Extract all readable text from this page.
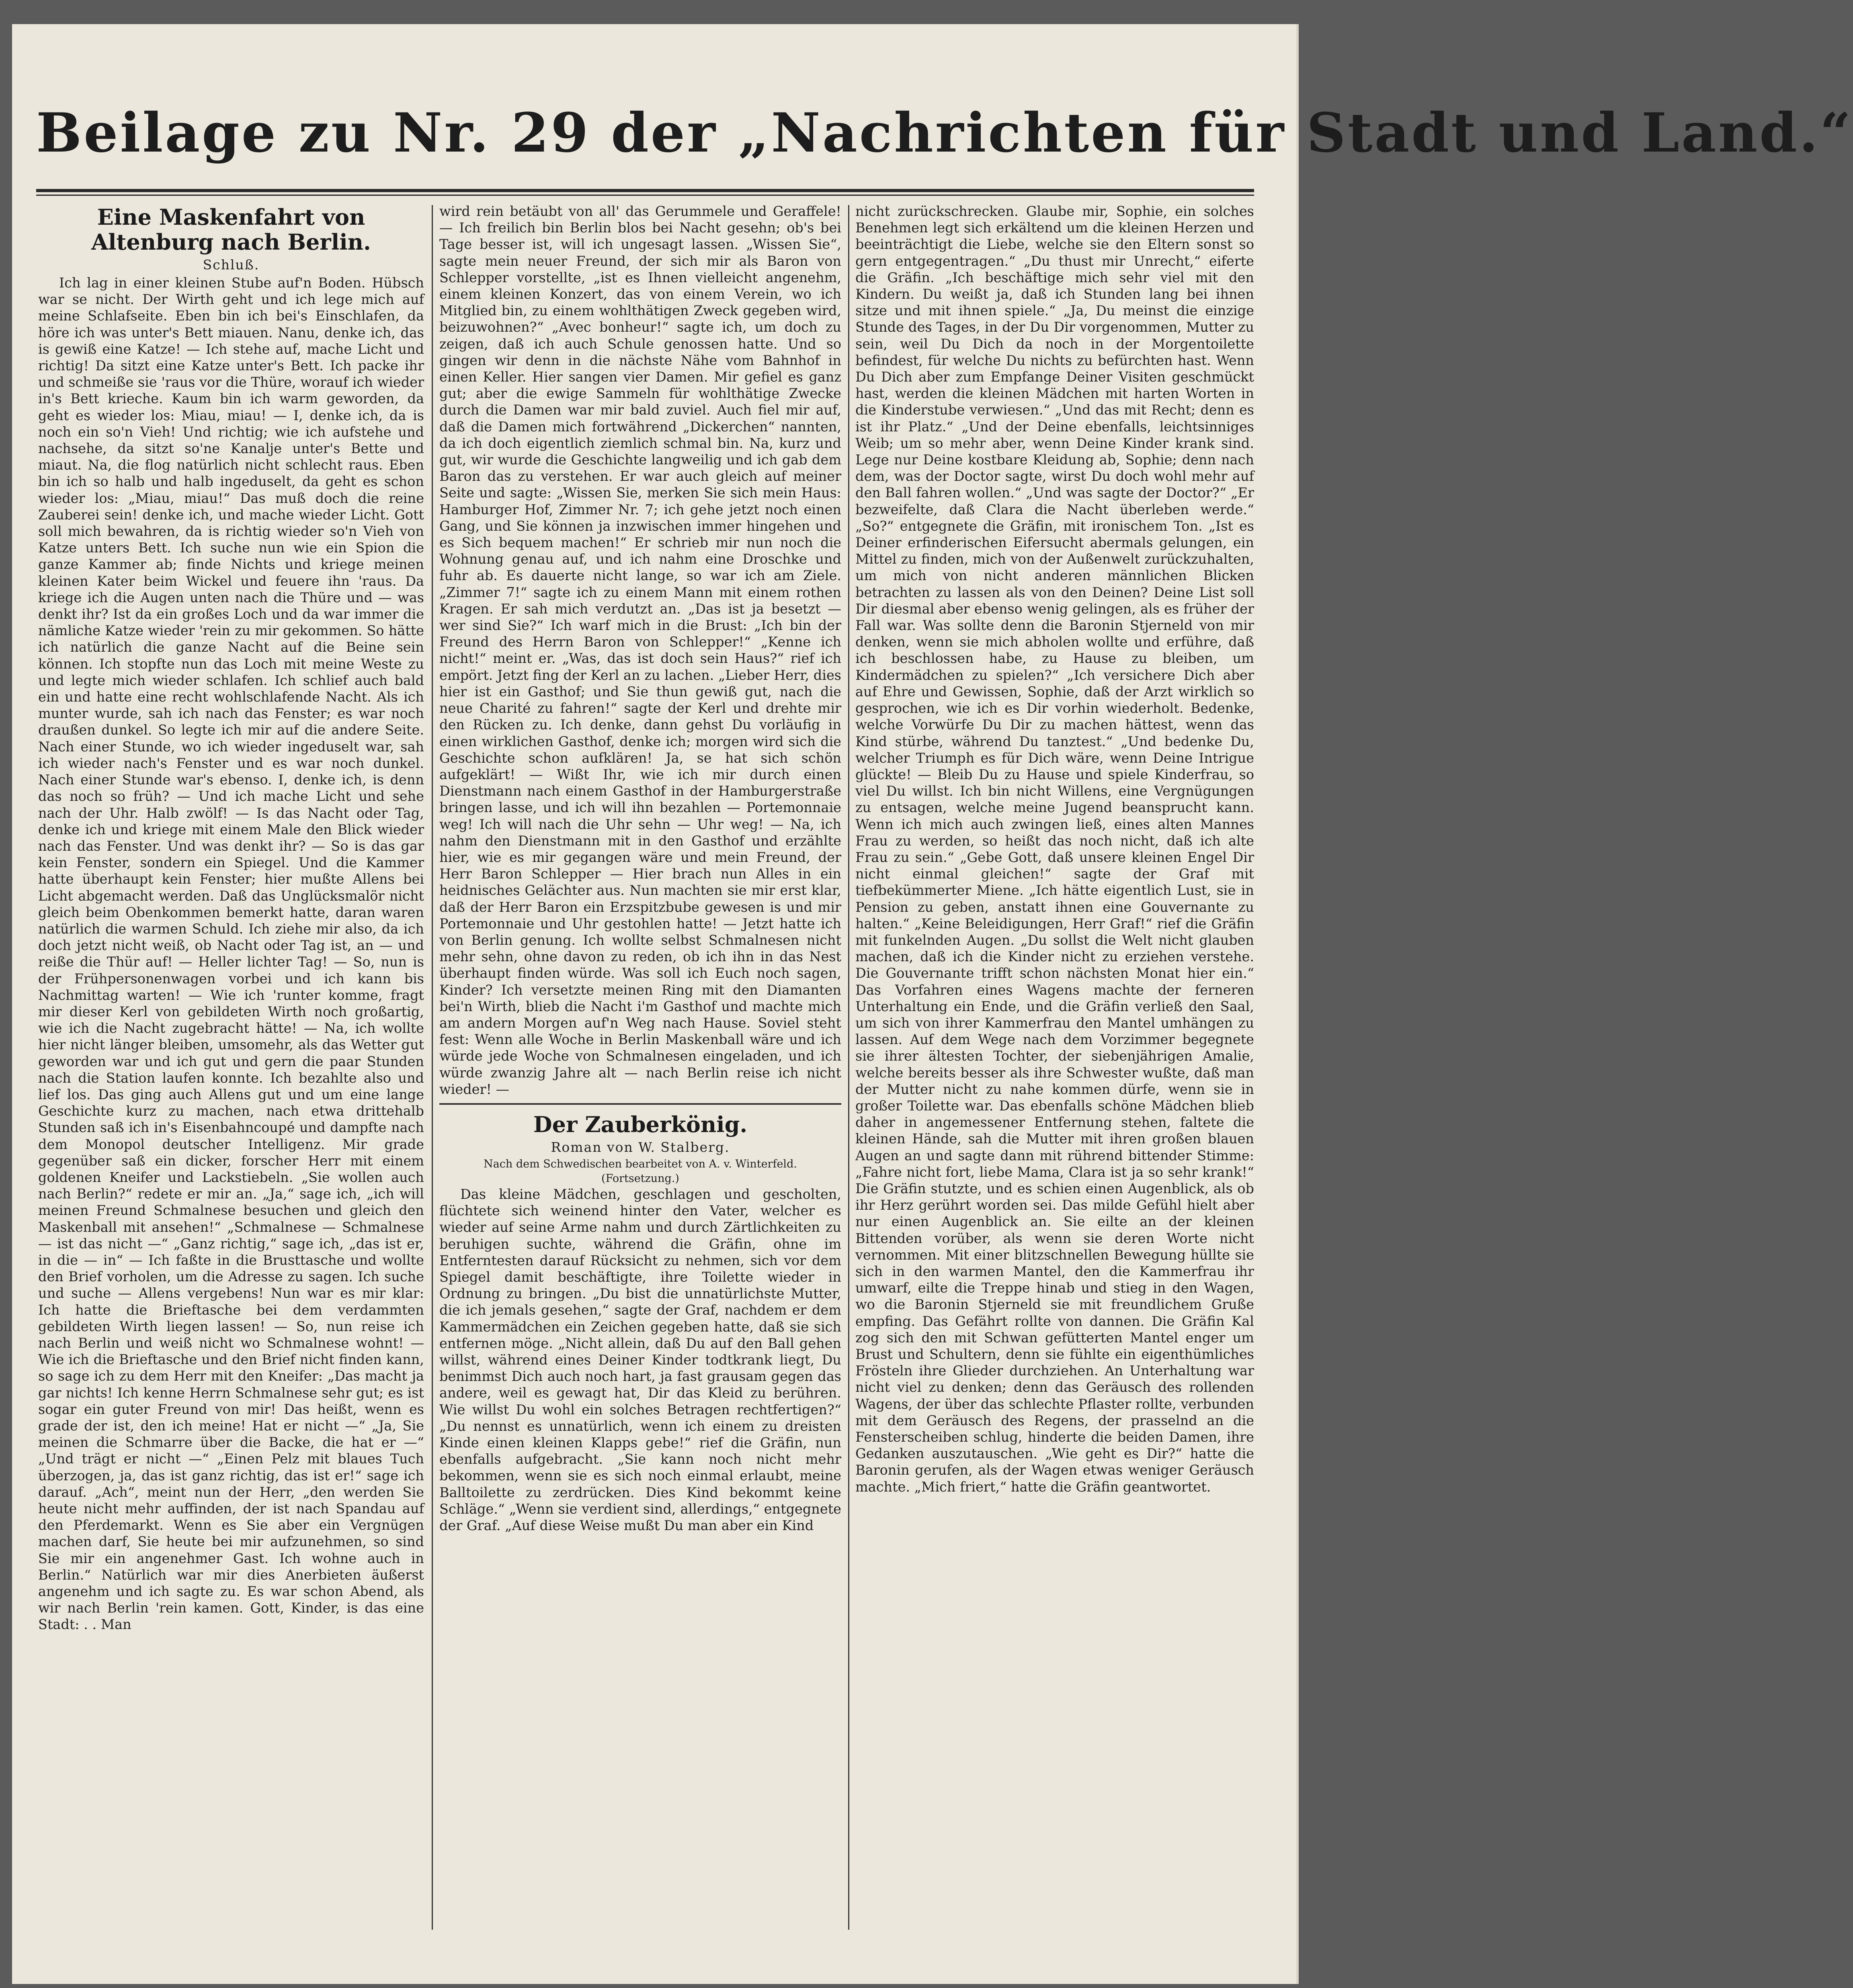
Beilage zu Nr. 29 der „Nachrichten für Stadt und Land.“
Eine Maskenfahrt von Altenburg nach Berlin.
Schluß.

Ich lag in einer kleinen Stube auf'n Boden. Hübsch war se nicht. Der Wirth geht und ich lege mich auf meine Schlafseite. Eben bin ich bei's Einschlafen, da höre ich was unter's Bett miauen. Nanu, denke ich, das is gewiß eine Katze! — Ich stehe auf, mache Licht und richtig! Da sitzt eine Katze unter's Bett. Ich packe ihr und schmeiße sie 'raus vor die Thüre, worauf ich wieder in's Bett krieche. Kaum bin ich warm geworden, da geht es wieder los: Miau, miau! — I, denke ich, da is noch ein so'n Vieh! Und richtig; wie ich aufstehe und nachsehe, da sitzt so'ne Kanalje unter's Bette und miaut. Na, die flog natürlich nicht schlecht raus. Eben bin ich so halb und halb ingeduselt, da geht es schon wieder los: „Miau, miau!“ Das muß doch die reine Zauberei sein! denke ich, und mache wieder Licht. Gott soll mich bewahren, da is richtig wieder so'n Vieh von Katze unters Bett. Ich suche nun wie ein Spion die ganze Kammer ab; finde Nichts und kriege meinen kleinen Kater beim Wickel und feuere ihn 'raus. Da kriege ich die Augen unten nach die Thüre und — was denkt ihr? Ist da ein großes Loch und da war immer die nämliche Katze wieder 'rein zu mir gekommen. So hätte ich natürlich die ganze Nacht auf die Beine sein können. Ich stopfte nun das Loch mit meine Weste zu und legte mich wieder schlafen. Ich schlief auch bald ein und hatte eine recht wohlschlafende Nacht. Als ich munter wurde, sah ich nach das Fenster; es war noch draußen dunkel. So legte ich mir auf die andere Seite. Nach einer Stunde, wo ich wieder ingeduselt war, sah ich wieder nach's Fenster und es war noch dunkel. Nach einer Stunde war's ebenso. I, denke ich, is denn das noch so früh? — Und ich mache Licht und sehe nach der Uhr. Halb zwölf! — Is das Nacht oder Tag, denke ich und kriege mit einem Male den Blick wieder nach das Fenster. Und was denkt ihr? — So is das gar kein Fenster, sondern ein Spiegel. Und die Kammer hatte überhaupt kein Fenster; hier mußte Allens bei Licht abgemacht werden. Daß das Unglücksmalör nicht gleich beim Obenkommen bemerkt hatte, daran waren natürlich die warmen Schuld. Ich ziehe mir also, da ich doch jetzt nicht weiß, ob Nacht oder Tag ist, an — und reiße die Thür auf! — Heller lichter Tag! — So, nun is der Frühpersonenwagen vorbei und ich kann bis Nachmittag warten! — Wie ich 'runter komme, fragt mir dieser Kerl von gebildeten Wirth noch großartig, wie ich die Nacht zugebracht hätte! — Na, ich wollte hier nicht länger bleiben, umsomehr, als das Wetter gut geworden war und ich gut und gern die paar Stunden nach die Station laufen konnte. Ich bezahlte also und lief los. Das ging auch Allens gut und um eine lange Geschichte kurz zu machen, nach etwa drittehalb Stunden saß ich in's Eisenbahncoupé und dampfte nach dem Monopol deutscher Intelligenz. Mir grade gegenüber saß ein dicker, forscher Herr mit einem goldenen Kneifer und Lackstiebeln. „Sie wollen auch nach Berlin?“ redete er mir an. „Ja,“ sage ich, „ich will meinen Freund Schmalnese besuchen und gleich den Maskenball mit ansehen!“ „Schmalnese — Schmalnese — ist das nicht —“ „Ganz richtig,“ sage ich, „das ist er, in die — in“ — Ich faßte in die Brusttasche und wollte den Brief vorholen, um die Adresse zu sagen. Ich suche und suche — Allens vergebens! Nun war es mir klar: Ich hatte die Brieftasche bei dem verdammten gebildeten Wirth liegen lassen! — So, nun reise ich nach Berlin und weiß nicht wo Schmalnese wohnt! — Wie ich die Brieftasche und den Brief nicht finden kann, so sage ich zu dem Herr mit den Kneifer: „Das macht ja gar nichts! Ich kenne Herrn Schmalnese sehr gut; es ist sogar ein guter Freund von mir! Das heißt, wenn es grade der ist, den ich meine! Hat er nicht —“ „Ja, Sie meinen die Schmarre über die Backe, die hat er —“ „Und trägt er nicht —“ „Einen Pelz mit blaues Tuch überzogen, ja, das ist ganz richtig, das ist er!“ sage ich darauf. „Ach“, meint nun der Herr, „den werden Sie heute nicht mehr auffinden, der ist nach Spandau auf den Pferdemarkt. Wenn es Sie aber ein Vergnügen machen darf, Sie heute bei mir aufzunehmen, so sind Sie mir ein angenehmer Gast. Ich wohne auch in Berlin.“ Natürlich war mir dies Anerbieten äußerst angenehm und ich sagte zu. Es war schon Abend, als wir nach Berlin 'rein kamen. Gott, Kinder, is das eine Stadt: . . Man

wird rein betäubt von all' das Gerummele und Geraffele! — Ich freilich bin Berlin blos bei Nacht gesehn; ob's bei Tage besser ist, will ich ungesagt lassen. „Wissen Sie“, sagte mein neuer Freund, der sich mir als Baron von Schlepper vorstellte, „ist es Ihnen vielleicht angenehm, einem kleinen Konzert, das von einem Verein, wo ich Mitglied bin, zu einem wohlthätigen Zweck gegeben wird, beizuwohnen?“ „Avec bonheur!“ sagte ich, um doch zu zeigen, daß ich auch Schule genossen hatte. Und so gingen wir denn in die nächste Nähe vom Bahnhof in einen Keller. Hier sangen vier Damen. Mir gefiel es ganz gut; aber die ewige Sammeln für wohlthätige Zwecke durch die Damen war mir bald zuviel. Auch fiel mir auf, daß die Damen mich fortwährend „Dickerchen“ nannten, da ich doch eigentlich ziemlich schmal bin. Na, kurz und gut, wir wurde die Geschichte langweilig und ich gab dem Baron das zu verstehen. Er war auch gleich auf meiner Seite und sagte: „Wissen Sie, merken Sie sich mein Haus: Hamburger Hof, Zimmer Nr. 7; ich gehe jetzt noch einen Gang, und Sie können ja inzwischen immer hingehen und es Sich bequem machen!“ Er schrieb mir nun noch die Wohnung genau auf, und ich nahm eine Droschke und fuhr ab. Es dauerte nicht lange, so war ich am Ziele. „Zimmer 7!“ sagte ich zu einem Mann mit einem rothen Kragen. Er sah mich verdutzt an. „Das ist ja besetzt — wer sind Sie?“ Ich warf mich in die Brust: „Ich bin der Freund des Herrn Baron von Schlepper!“ „Kenne ich nicht!“ meint er. „Was, das ist doch sein Haus?“ rief ich empört. Jetzt fing der Kerl an zu lachen. „Lieber Herr, dies hier ist ein Gasthof; und Sie thun gewiß gut, nach die neue Charité zu fahren!“ sagte der Kerl und drehte mir den Rücken zu. Ich denke, dann gehst Du vorläufig in einen wirklichen Gasthof, denke ich; morgen wird sich die Geschichte schon aufklären! Ja, se hat sich schön aufgeklärt! — Wißt Ihr, wie ich mir durch einen Dienstmann nach einem Gasthof in der Hamburgerstraße bringen lasse, und ich will ihn bezahlen — Portemonnaie weg! Ich will nach die Uhr sehn — Uhr weg! — Na, ich nahm den Dienstmann mit in den Gasthof und erzählte hier, wie es mir gegangen wäre und mein Freund, der Herr Baron Schlepper — Hier brach nun Alles in ein heidnisches Gelächter aus. Nun machten sie mir erst klar, daß der Herr Baron ein Erzspitzbube gewesen is und mir Portemonnaie und Uhr gestohlen hatte! — Jetzt hatte ich von Berlin genung. Ich wollte selbst Schmalnesen nicht mehr sehn, ohne davon zu reden, ob ich ihn in das Nest überhaupt finden würde. Was soll ich Euch noch sagen, Kinder? Ich versetzte meinen Ring mit den Diamanten bei'n Wirth, blieb die Nacht i'm Gasthof und machte mich am andern Morgen auf'n Weg nach Hause. Soviel steht fest: Wenn alle Woche in Berlin Maskenball wäre und ich würde jede Woche von Schmalnesen eingeladen, und ich würde zwanzig Jahre alt — nach Berlin reise ich nicht wieder! —

Der Zauberkönig.
Roman von W. Stalberg.
Nach dem Schwedischen bearbeitet von A. v. Winterfeld.
(Fortsetzung.)

Das kleine Mädchen, geschlagen und gescholten, flüchtete sich weinend hinter den Vater, welcher es wieder auf seine Arme nahm und durch Zärtlichkeiten zu beruhigen suchte, während die Gräfin, ohne im Entferntesten darauf Rücksicht zu nehmen, sich vor dem Spiegel damit beschäftigte, ihre Toilette wieder in Ordnung zu bringen. „Du bist die unnatürlichste Mutter, die ich jemals gesehen,“ sagte der Graf, nachdem er dem Kammermädchen ein Zeichen gegeben hatte, daß sie sich entfernen möge. „Nicht allein, daß Du auf den Ball gehen willst, während eines Deiner Kinder todtkrank liegt, Du benimmst Dich auch noch hart, ja fast grausam gegen das andere, weil es gewagt hat, Dir das Kleid zu berühren. Wie willst Du wohl ein solches Betragen rechtfertigen?“ „Du nennst es unnatürlich, wenn ich einem zu dreisten Kinde einen kleinen Klapps gebe!“ rief die Gräfin, nun ebenfalls aufgebracht. „Sie kann noch nicht mehr bekommen, wenn sie es sich noch einmal erlaubt, meine Balltoilette zu zerdrücken. Dies Kind bekommt keine Schläge.“ „Wenn sie verdient sind, allerdings,“ entgegnete der Graf. „Auf diese Weise mußt Du man aber ein Kind

nicht zurückschrecken. Glaube mir, Sophie, ein solches Benehmen legt sich erkältend um die kleinen Herzen und beeinträchtigt die Liebe, welche sie den Eltern sonst so gern entgegentragen.“ „Du thust mir Unrecht,“ eiferte die Gräfin. „Ich beschäftige mich sehr viel mit den Kindern. Du weißt ja, daß ich Stunden lang bei ihnen sitze und mit ihnen spiele.“ „Ja, Du meinst die einzige Stunde des Tages, in der Du Dir vorgenommen, Mutter zu sein, weil Du Dich da noch in der Morgentoilette befindest, für welche Du nichts zu befürchten hast. Wenn Du Dich aber zum Empfange Deiner Visiten geschmückt hast, werden die kleinen Mädchen mit harten Worten in die Kinderstube verwiesen.“ „Und das mit Recht; denn es ist ihr Platz.“ „Und der Deine ebenfalls, leichtsinniges Weib; um so mehr aber, wenn Deine Kinder krank sind. Lege nur Deine kostbare Kleidung ab, Sophie; denn nach dem, was der Doctor sagte, wirst Du doch wohl mehr auf den Ball fahren wollen.“ „Und was sagte der Doctor?“ „Er bezweifelte, daß Clara die Nacht überleben werde.“ „So?“ entgegnete die Gräfin, mit ironischem Ton. „Ist es Deiner erfinderischen Eifersucht abermals gelungen, ein Mittel zu finden, mich von der Außenwelt zurückzuhalten, um mich von nicht anderen männlichen Blicken betrachten zu lassen als von den Deinen? Deine List soll Dir diesmal aber ebenso wenig gelingen, als es früher der Fall war. Was sollte denn die Baronin Stjerneld von mir denken, wenn sie mich abholen wollte und erführe, daß ich beschlossen habe, zu Hause zu bleiben, um Kindermädchen zu spielen?“ „Ich versichere Dich aber auf Ehre und Gewissen, Sophie, daß der Arzt wirklich so gesprochen, wie ich es Dir vorhin wiederholt. Bedenke, welche Vorwürfe Du Dir zu machen hättest, wenn das Kind stürbe, während Du tanztest.“ „Und bedenke Du, welcher Triumph es für Dich wäre, wenn Deine Intrigue glückte! — Bleib Du zu Hause und spiele Kinderfrau, so viel Du willst. Ich bin nicht Willens, eine Vergnügungen zu entsagen, welche meine Jugend beansprucht kann. Wenn ich mich auch zwingen ließ, eines alten Mannes Frau zu werden, so heißt das noch nicht, daß ich alte Frau zu sein.“ „Gebe Gott, daß unsere kleinen Engel Dir nicht einmal gleichen!“ sagte der Graf mit tiefbekümmerter Miene. „Ich hätte eigentlich Lust, sie in Pension zu geben, anstatt ihnen eine Gouvernante zu halten.“ „Keine Beleidigungen, Herr Graf!“ rief die Gräfin mit funkelnden Augen. „Du sollst die Welt nicht glauben machen, daß ich die Kinder nicht zu erziehen verstehe. Die Gouvernante trifft schon nächsten Monat hier ein.“ Das Vorfahren eines Wagens machte der ferneren Unterhaltung ein Ende, und die Gräfin verließ den Saal, um sich von ihrer Kammerfrau den Mantel umhängen zu lassen. Auf dem Wege nach dem Vorzimmer begegnete sie ihrer ältesten Tochter, der siebenjährigen Amalie, welche bereits besser als ihre Schwester wußte, daß man der Mutter nicht zu nahe kommen dürfe, wenn sie in großer Toilette war. Das ebenfalls schöne Mädchen blieb daher in angemessener Entfernung stehen, faltete die kleinen Hände, sah die Mutter mit ihren großen blauen Augen an und sagte dann mit rührend bittender Stimme: „Fahre nicht fort, liebe Mama, Clara ist ja so sehr krank!“ Die Gräfin stutzte, und es schien einen Augenblick, als ob ihr Herz gerührt worden sei. Das milde Gefühl hielt aber nur einen Augenblick an. Sie eilte an der kleinen Bittenden vorüber, als wenn sie deren Worte nicht vernommen. Mit einer blitzschnellen Bewegung hüllte sie sich in den warmen Mantel, den die Kammerfrau ihr umwarf, eilte die Treppe hinab und stieg in den Wagen, wo die Baronin Stjerneld sie mit freundlichem Gruße empfing. Das Gefährt rollte von dannen. Die Gräfin Kal zog sich den mit Schwan gefütterten Mantel enger um Brust und Schultern, denn sie fühlte ein eigenthümliches Frösteln ihre Glieder durchziehen. An Unterhaltung war nicht viel zu denken; denn das Geräusch des rollenden Wagens, der über das schlechte Pflaster rollte, verbunden mit dem Geräusch des Regens, der prasselnd an die Fensterscheiben schlug, hinderte die beiden Damen, ihre Gedanken auszutauschen. „Wie geht es Dir?“ hatte die Baronin gerufen, als der Wagen etwas weniger Geräusch machte. „Mich friert,“ hatte die Gräfin geantwortet.
